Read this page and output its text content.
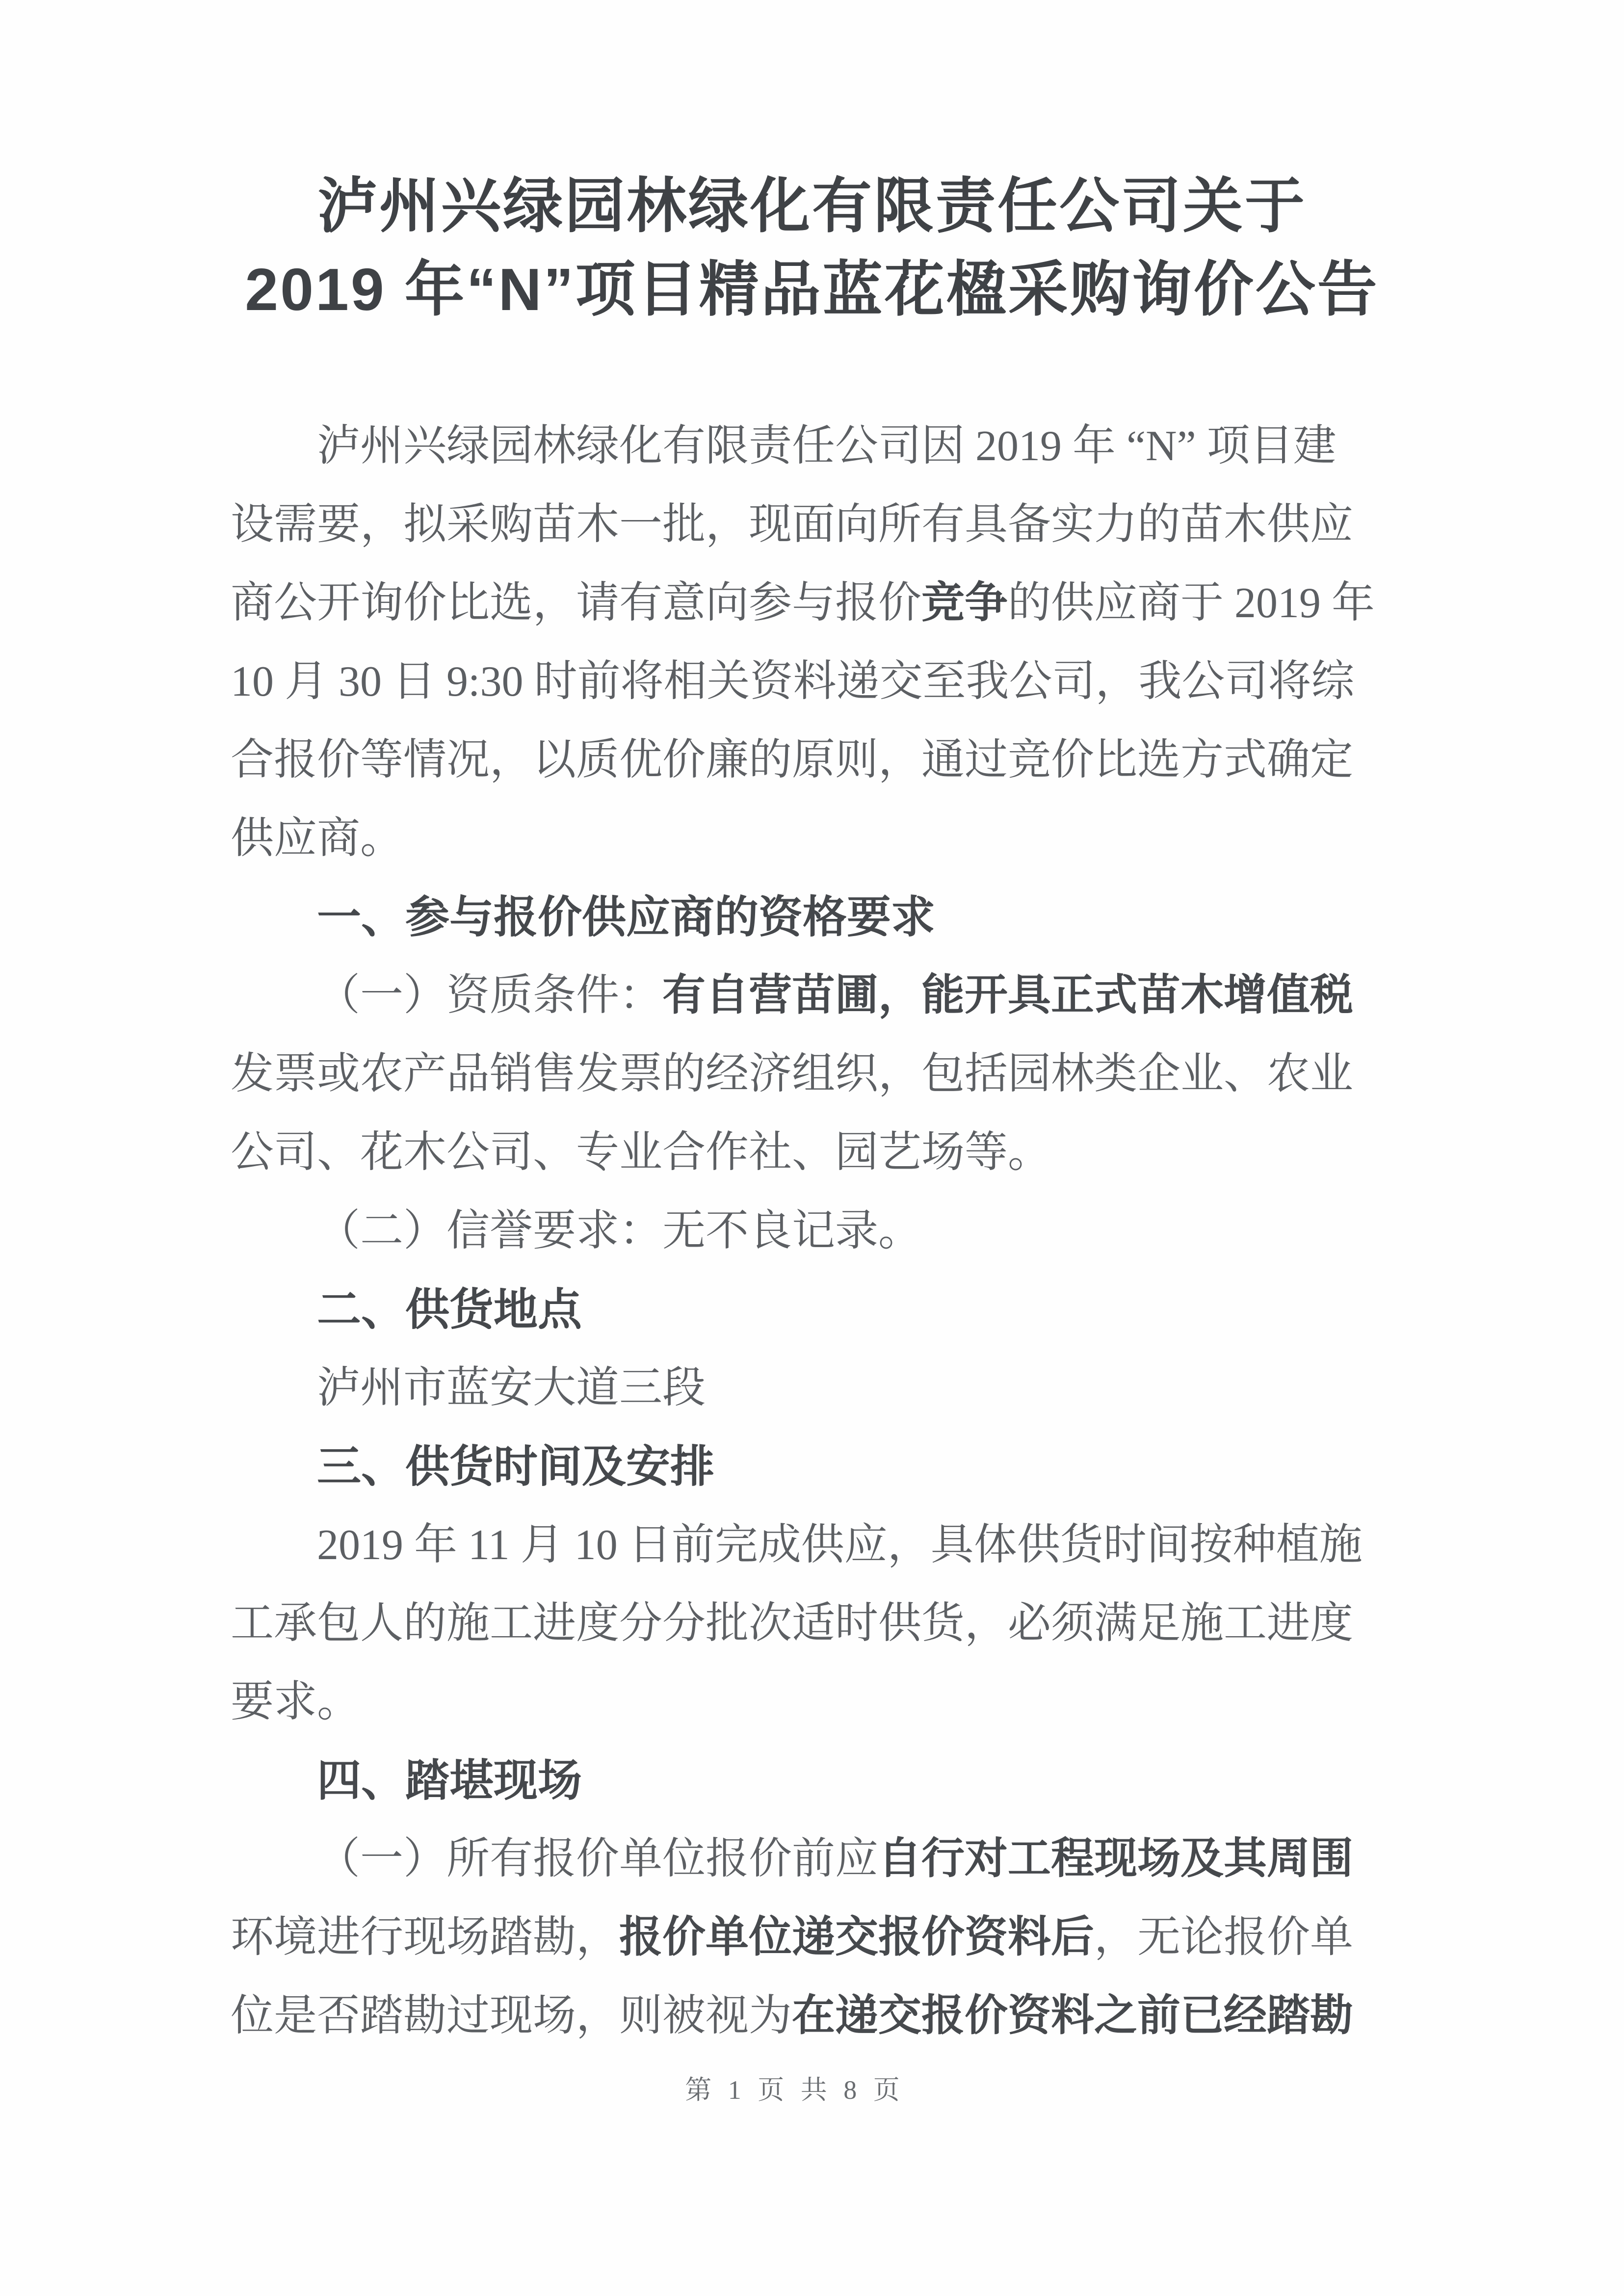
泸州兴绿园林绿化有限责任公司关于
2019 年“N”项目精品蓝花楹采购询价公告
泸州兴绿园林绿化有限责任公司因 2019 年 “N” 项目建
设需要，拟采购苗木一批，现面向所有具备实力的苗木供应
商公开询价比选，请有意向参与报价竞争的供应商于 2019 年
10 月 30 日 9:30 时前将相关资料递交至我公司，我公司将综
合报价等情况，以质优价廉的原则，通过竞价比选方式确定
供应商。
一、参与报价供应商的资格要求
（一）资质条件：有自营苗圃，能开具正式苗木增值税
发票或农产品销售发票的经济组织，包括园林类企业、农业
公司、花木公司、专业合作社、园艺场等。
（二）信誉要求：无不良记录。
二、供货地点
泸州市蓝安大道三段
三、供货时间及安排
2019 年 11 月 10 日前完成供应，具体供货时间按种植施
工承包人的施工进度分分批次适时供货，必须满足施工进度
要求。
四、踏堪现场
（一）所有报价单位报价前应自行对工程现场及其周围
环境进行现场踏勘，报价单位递交报价资料后，无论报价单
位是否踏勘过现场，则被视为在递交报价资料之前已经踏勘
第 1 页 共 8 页
